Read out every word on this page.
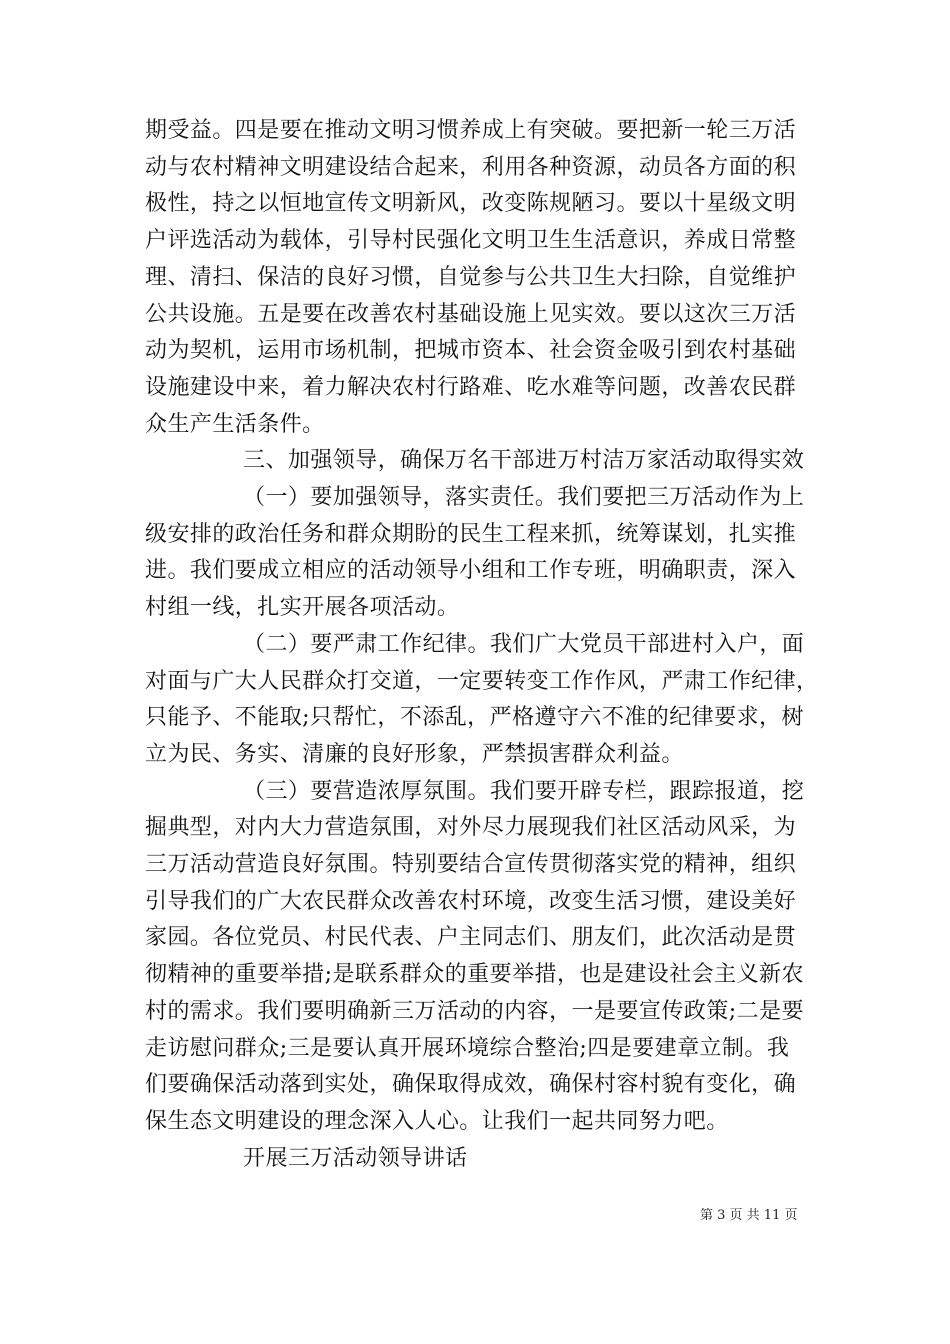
期受益。四是要在推动文明习惯养成上有突破。要把新一轮三万活
动与农村精神文明建设结合起来，利用各种资源，动员各方面的积
极性，持之以恒地宣传文明新风，改变陈规陋习。要以十星级文明
户评选活动为载体，引导村民强化文明卫生生活意识，养成日常整
理、清扫、保洁的良好习惯，自觉参与公共卫生大扫除，自觉维护
公共设施。五是要在改善农村基础设施上见实效。要以这次三万活
动为契机，运用市场机制，把城市资本、社会资金吸引到农村基础
设施建设中来，着力解决农村行路难、吃水难等问题，改善农民群
众生产生活条件。
三、加强领导，确保万名干部进万村洁万家活动取得实效
（一）要加强领导，落实责任。我们要把三万活动作为上
级安排的政治任务和群众期盼的民生工程来抓，统筹谋划，扎实推
进。我们要成立相应的活动领导小组和工作专班，明确职责，深入
村组一线，扎实开展各项活动。
（二）要严肃工作纪律。我们广大党员干部进村入户，面
对面与广大人民群众打交道，一定要转变工作作风，严肃工作纪律，
只能予、不能取;只帮忙，不添乱，严格遵守六不准的纪律要求，树
立为民、务实、清廉的良好形象，严禁损害群众利益。
（三）要营造浓厚氛围。我们要开辟专栏，跟踪报道，挖
掘典型，对内大力营造氛围，对外尽力展现我们社区活动风采，为
三万活动营造良好氛围。特别要结合宣传贯彻落实党的精神，组织
引导我们的广大农民群众改善农村环境，改变生活习惯，建设美好
家园。各位党员、村民代表、户主同志们、朋友们，此次活动是贯
彻精神的重要举措;是联系群众的重要举措，也是建设社会主义新农
村的需求。我们要明确新三万活动的内容，一是要宣传政策;二是要
走访慰问群众;三是要认真开展环境综合整治;四是要建章立制。我
们要确保活动落到实处，确保取得成效，确保村容村貌有变化，确
保生态文明建设的理念深入人心。让我们一起共同努力吧。
开展三万活动领导讲话
第 3 页 共 11 页
